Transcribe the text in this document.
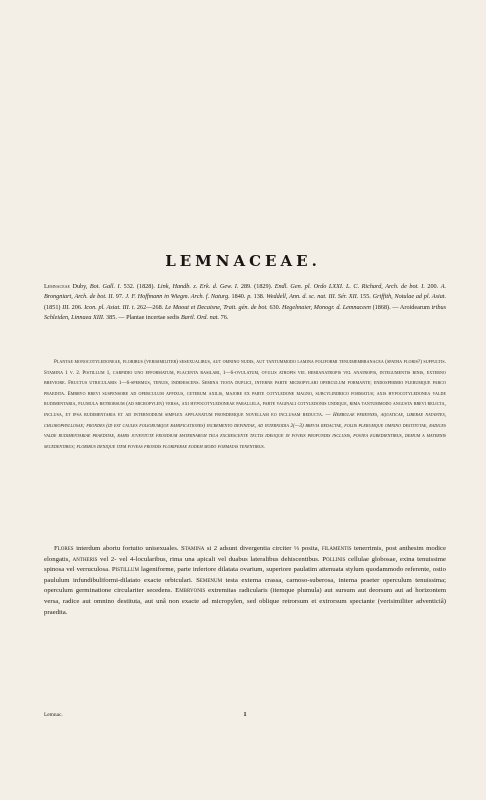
LEMNACEAE.

Lemnaceae Duby, Bot. Gall. I. 532. (1828). Link, Handb. z. Erk. d. Gew. I. 289. (1829). Endl. Gen. pl. Ordo LXXI. L. C. Richard, Arch. de bot. I. 200. A. Brongniart, Arch. de bot. II. 97. J. F. Hoffmann in Wiegm. Arch. f. Naturg. 1840. p. 138. Weddell, Ann. d. sc. nat. III. Sér. XII. 155. Griffith, Notulae ad pl. Asiat. (1851) III. 206. Icon. pl. Asiat. III. t. 262—268. Le Maout et Decaisne, Trait. gén. de bot. 630. Hegelmaier, Monogr. d. Lemnaceen (1868). — Aroidearum tribus Schleiden, Linnaea XIII. 385. — Plantae incertae sedis Bartl. Ord. nat. 76.

Plantae monocotyledoneae, floribus (verisimiliter) sesexualibus, aut omnino nudis, aut tantummodo lamina poliformi tenuimembranacea (spatha floris?) suffultis. Stamina 1 v. 2. Pistillum 1, carpidio uno efformatum, placenta basilari, 1—6-ovulatum, ovulis atropis vel hemianatropis vel anatropis, integumentis binis, externo breviore. Fructus utricularis 1—6-spermus, tenuis, indehiscens. Semina testa duplici, interne parte micropylari operculum formante; endospermio plerumque parco praedita. Embryo brevi suspensore ad operculum affixus, ceterum axilis, majore ex parte cotyledone magno, subcylindrico formatus; axis hypocotyledonea valde rudimentaria, plumula retrorsum (ad micropylen) versa, axi hypocotyledoneae parallela, parte vaginali cotyledonis undique, rima tantummodo angusta brevi relicta, inclusa, et ipsa rudimentaria et ad internodium simplex applanatum frondemque novellam eo inclusam reducta. — Herbulae perennes, aquaticae, liberae natantes, chlorophyllosae; frondes (id est caules foliorumque ramificationes) incremento definitae, ad internodia 2(—3) brevia redactae, foliis plerumque omnino destitutae, radices valde rudimentariae praeditae, ramis juventute frondium maternarum tela excrescente tectis ideoque in foveis profundis inclusis, postea egredientibus, demum a maternis secedentibus; floribus denique item foveas frondis floriferae eodem modo formatas tenentibus.

Flores interdum abortu fortuito unisexuales. Stamina si 2 adsunt divergentia circiter ⅓ posita, filamentis tenerrimis, post anthesim modice elongatis, antheris vel 2- vel 4-locularibus, rima una apicali vel duabus lateralibus dehiscentibus. Pollinis cellulae globosae, exina tenuissime spinosa vel verruculosa. Pistillum lageniforme, parte inferiore dilatata ovarium, superiore paulatim attenuata stylum quodammodo referente, ostio paululum infundibuliformi-dilatato exacte orbiculari. Semenum testa externa crassa, carnoso-suberosa, interna praeter operculum tenuissima; operculum germinatione circulariter secedens. Embryonis extremitas radicularis (itemque plumula) aut sursum aut deorsum aut ad horizontem versa, radice aut omnino destituta, aut unâ non exacte ad micropylen, sed oblique retrorsum et extrorsum spectante (verisimiliter adventiciâ) praedita.

Lemnac.	1
